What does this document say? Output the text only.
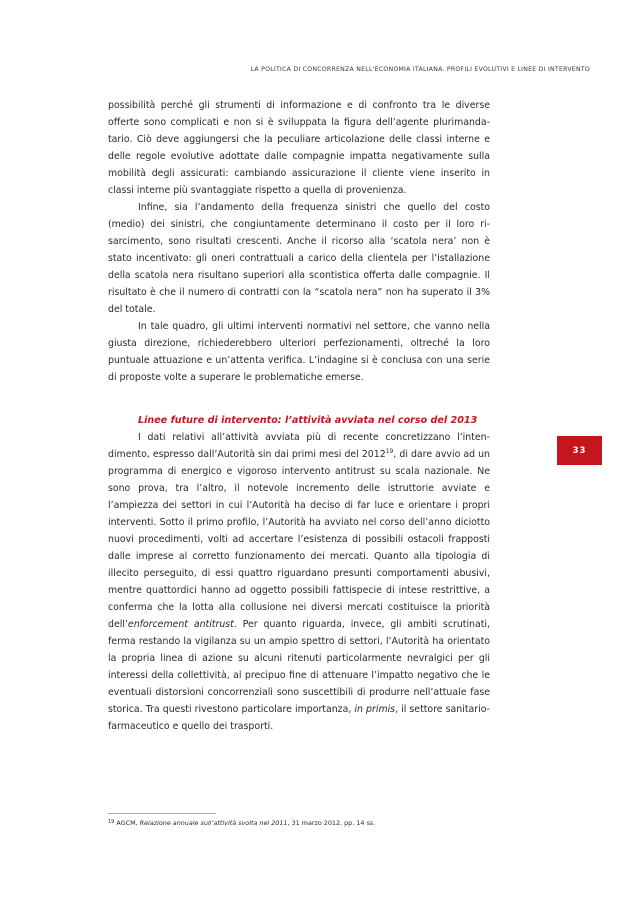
LA POLITICA DI CONCORRENZA NELL'ECONOMIA ITALIANA. PROFILI EVOLUTIVI E LINEE DI INTERVENTO

possibilità perché gli strumenti di informazione e di confronto tra le diverse offerte sono complicati e non si è sviluppata la figura dell’agente plurimandatario. Ciò deve aggiungersi che la peculiare articolazione delle classi interne e delle regole evolutive adottate dalle compagnie impatta negativamente sulla mobilità degli assicurati: cambiando assicurazione il cliente viene inserito in classi interne più svantaggiate rispetto a quella di provenienza.

Infine, sia l’andamento della frequenza sinistri che quello del costo (medio) dei sinistri, che congiuntamente determinano il costo per il loro risarcimento, sono risultati crescenti. Anche il ricorso alla ‘scatola nera’ non è stato incentivato: gli oneri contrattuali a carico della clientela per l’istallazione della scatola nera risultano superiori alla scontistica offerta dalle compagnie. Il risultato è che il numero di contratti con la “scatola nera” non ha superato il 3% del totale.

In tale quadro, gli ultimi interventi normativi nel settore, che vanno nella giusta direzione, richiederebbero ulteriori perfezionamenti, oltreché la loro puntuale attuazione e un’attenta verifica. L’indagine si è conclusa con una serie di proposte volte a superare le problematiche emerse.

Linee future di intervento: l’attività avviata nel corso del 2013

I dati relativi all’attività avviata più di recente concretizzano l’intendimento, espresso dall’Autorità sin dai primi mesi del 2012$^{19}$, di dare avvio ad un programma di energico e vigoroso intervento antitrust su scala nazionale. Ne sono prova, tra l’altro, il notevole incremento delle istruttorie avviate e l’ampiezza dei settori in cui l’Autorità ha deciso di far luce e orientare i propri interventi. Sotto il primo profilo, l’Autorità ha avviato nel corso dell’anno diciotto nuovi procedimenti, volti ad accertare l’esistenza di possibili ostacoli frapposti dalle imprese al corretto funzionamento dei mercati. Quanto alla tipologia di illecito perseguito, di essi quattro riguardano presunti comportamenti abusivi, mentre quattordici hanno ad oggetto possibili fattispecie di intese restrittive, a conferma che la lotta alla collusione nei diversi mercati costituisce la priorità dell’enforcement antitrust. Per quanto riguarda, invece, gli ambiti scrutinati, ferma restando la vigilanza su un ampio spettro di settori, l’Autorità ha orientato la propria linea di azione su alcuni ritenuti particolarmente nevralgici per gli interessi della collettività, al precipuo fine di attenuare l’impatto negativo che le eventuali distorsioni concorrenziali sono suscettibili di produrre nell’attuale fase storica. Tra questi rivestono particolare importanza, in primis, il settore sanitario-farmaceutico e quello dei trasporti.

33
$^{19}$ AGCM, Relazione annuale sull’attività svolta nel 2011, 31 marzo 2012, pp. 14 ss.
